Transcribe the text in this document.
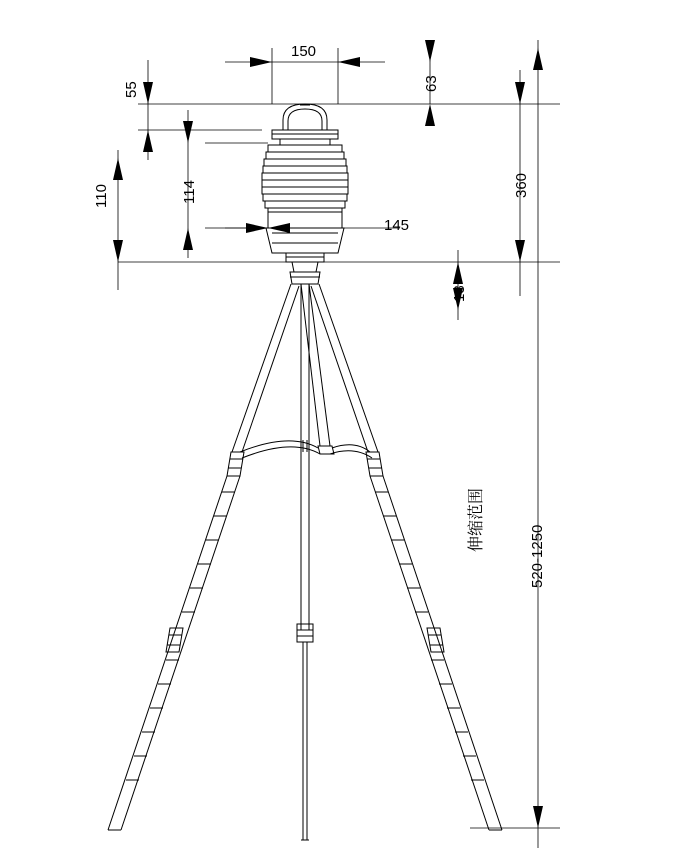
150
63
55
110	114
145
360
18
伸缩范围
520-1250
